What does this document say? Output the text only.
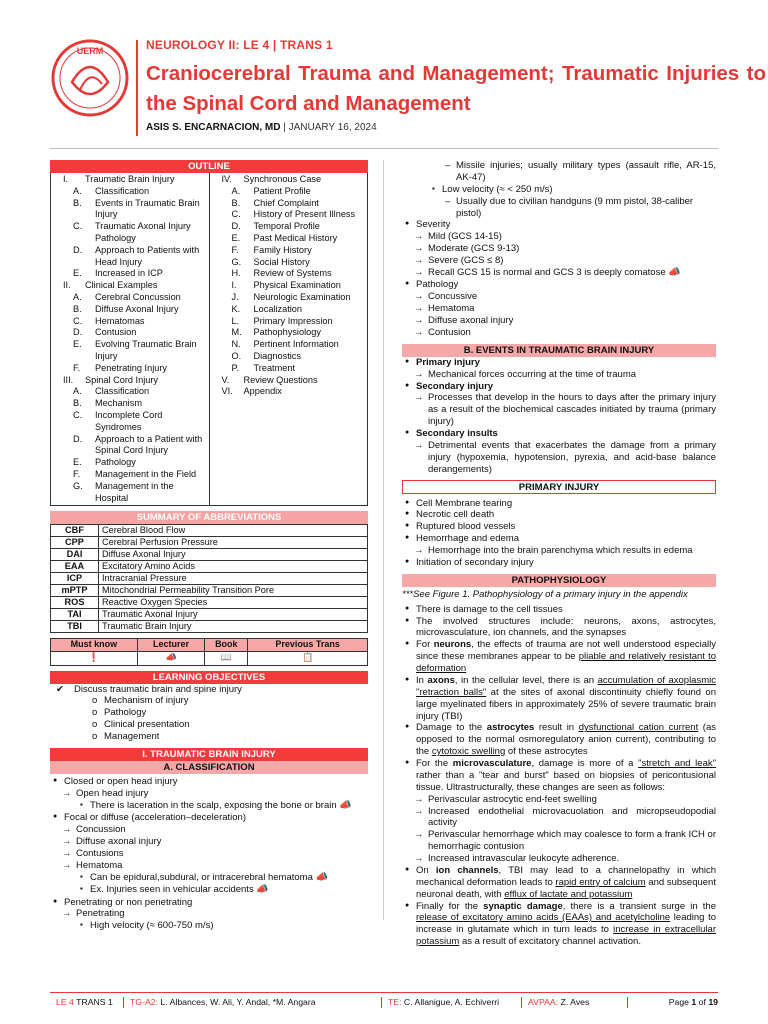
UERM	NEUROLOGY II: LE 4 | TRANS 1
Craniocerebral Trauma and Management; Traumatic Injuries to the Spinal Cord and Management
ASIS S. ENCARNACION, MD | JANUARY 16, 2024
OUTLINE
I.	Traumatic Brain Injury
A.	Classification
B.	Events in Traumatic Brain Injury
C.	Traumatic Axonal Injury Pathology
D.	Approach to Patients with Head Injury
E.	Increased in ICP
II.	Clinical Examples
A.	Cerebral Concussion
B.	Diffuse Axonal Injury
C.	Hematomas
D.	Contusion
E.	Evolving Traumatic Brain Injury
F.	Penetrating Injury
III.	Spinal Cord Injury
A.	Classification
B.	Mechanism
C.	Incomplete Cord Syndromes
D.	Approach to a Patient with Spinal Cord Injury
E.	Pathology
F.	Management in the Field
G.	Management in the Hospital
IV.	Synchronous Case
A.	Patient Profile
B.	Chief Complaint
C.	History of Present Illness
D.	Temporal Profile
E.	Past Medical History
F.	Family History
G.	Social History
H.	Review of Systems
I.	Physical Examination
J.	Neurologic Examination
K.	Localization
L.	Primary Impression
M.	Pathophysiology
N.	Pertinent Information
O.	Diagnostics
P.	Treatment
V.	Review Questions
VI.	Appendix
SUMMARY OF ABBREVIATIONS
CBF	Cerebral Blood Flow
CPP	Cerebral Perfusion Pressure
DAI	Diffuse Axonal Injury
EAA	Excitatory Amino Acids
ICP	Intracranial Pressure
mPTP	Mitochondrial Permeability Transition Pore
ROS	Reactive Oxygen Species
TAI	Traumatic Axonal Injury
TBI	Traumatic Brain Injury
Must know	Lecturer	Book	Previous Trans
❗	📣	📖	📋
LEARNING OBJECTIVES
✔ Discuss traumatic brain and spine injury
o Mechanism of injury
o Pathology
o Clinical presentation
o Management
I. TRAUMATIC BRAIN INJURY
A. CLASSIFICATION
● Closed or open head injury
→ Open head injury
▪ There is laceration in the scalp, exposing the bone or brain 📣
● Focal or diffuse (acceleration–deceleration)
→ Concussion
→ Diffuse axonal injury
→ Contusions
→ Hematoma
▪ Can be epidural,subdural, or intracerebral hematoma 📣
▪ Ex. Injuries seen in vehicular accidents 📣
● Penetrating or non penetrating
→ Penetrating
▪ High velocity (≈ 600-750 m/s)
– Missile injuries; usually military types (assault rifle, AR-15, AK-47)
▪ Low velocity (≈ < 250 m/s)
– Usually due to civilian handguns (9 mm pistol, 38-caliber pistol)
● Severity
→ Mild (GCS 14-15)
→ Moderate (GCS 9-13)
→ Severe (GCS ≤ 8)
→ Recall GCS 15 is normal and GCS 3 is deeply comatose 📣
● Pathology
→ Concussive
→ Hematoma
→ Diffuse axonal injury
→ Contusion
B. EVENTS IN TRAUMATIC BRAIN INJURY
● Primary injury
→ Mechanical forces occurring at the time of trauma
● Secondary injury
→ Processes that develop in the hours to days after the primary injury as a result of the biochemical cascades initiated by trauma (primary injury)
● Secondary insults
→ Detrimental events that exacerbates the damage from a primary injury (hypoxemia, hypotension, pyrexia, and acid-base balance derangements)
PRIMARY INJURY
● Cell Membrane tearing
● Necrotic cell death
● Ruptured blood vessels
● Hemorrhage and edema
→ Hemorrhage into the brain parenchyma which results in edema
● Initiation of secondary injury
PATHOPHYSIOLOGY
***See Figure 1. Pathophysiology of a primary injury in the appendix
● There is damage to the cell tissues
● The involved structures include: neurons, axons, astrocytes, microvasculature, ion channels, and the synapses
● For neurons, the effects of trauma are not well understood especially since these membranes appear to be pliable and relatively resistant to deformation
● In axons, in the cellular level, there is an accumulation of axoplasmic "retraction balls" at the sites of axonal discontinuity chiefly found on large myelinated fibers in approximately 25% of severe traumatic brain injury (TBI)
● Damage to the astrocytes result in dysfunctional cation current (as opposed to the normal osmoregulatory anion current), contributing to the cytotoxic swelling of these astrocytes
● For the microvasculature, damage is more of a "stretch and leak" rather than a "tear and burst" based on biopsies of pericontusional tissue. Ultrastructurally, these changes are seen as follows:
→ Perivascular astrocytic end-feet swelling
→ Increased endothelial microvacuolation and micropseudopodial activity
→ Perivascular hemorrhage which may coalesce to form a frank ICH or hemorrhagic contusion
→ Increased intravascular leukocyte adherence.
● On ion channels, TBI may lead to a channelopathy in which mechanical deformation leads to rapid entry of calcium and subsequent neuronal death, with efflux of lactate and potassium
● Finally for the synaptic damage, there is a transient surge in the release of excitatory amino acids (EAAs) and acetylcholine leading to increase in glutamate which in turn leads to increase in extracellular potassium as a result of excitatory channel activation.
LE 4 TRANS 1	TG-A2: L. Albances, W. Ali, Y. Andal, *M. Angara	TE: C. Allanigue, A. Echiverri	AVPAA: Z. Aves	Page 1 of 19
